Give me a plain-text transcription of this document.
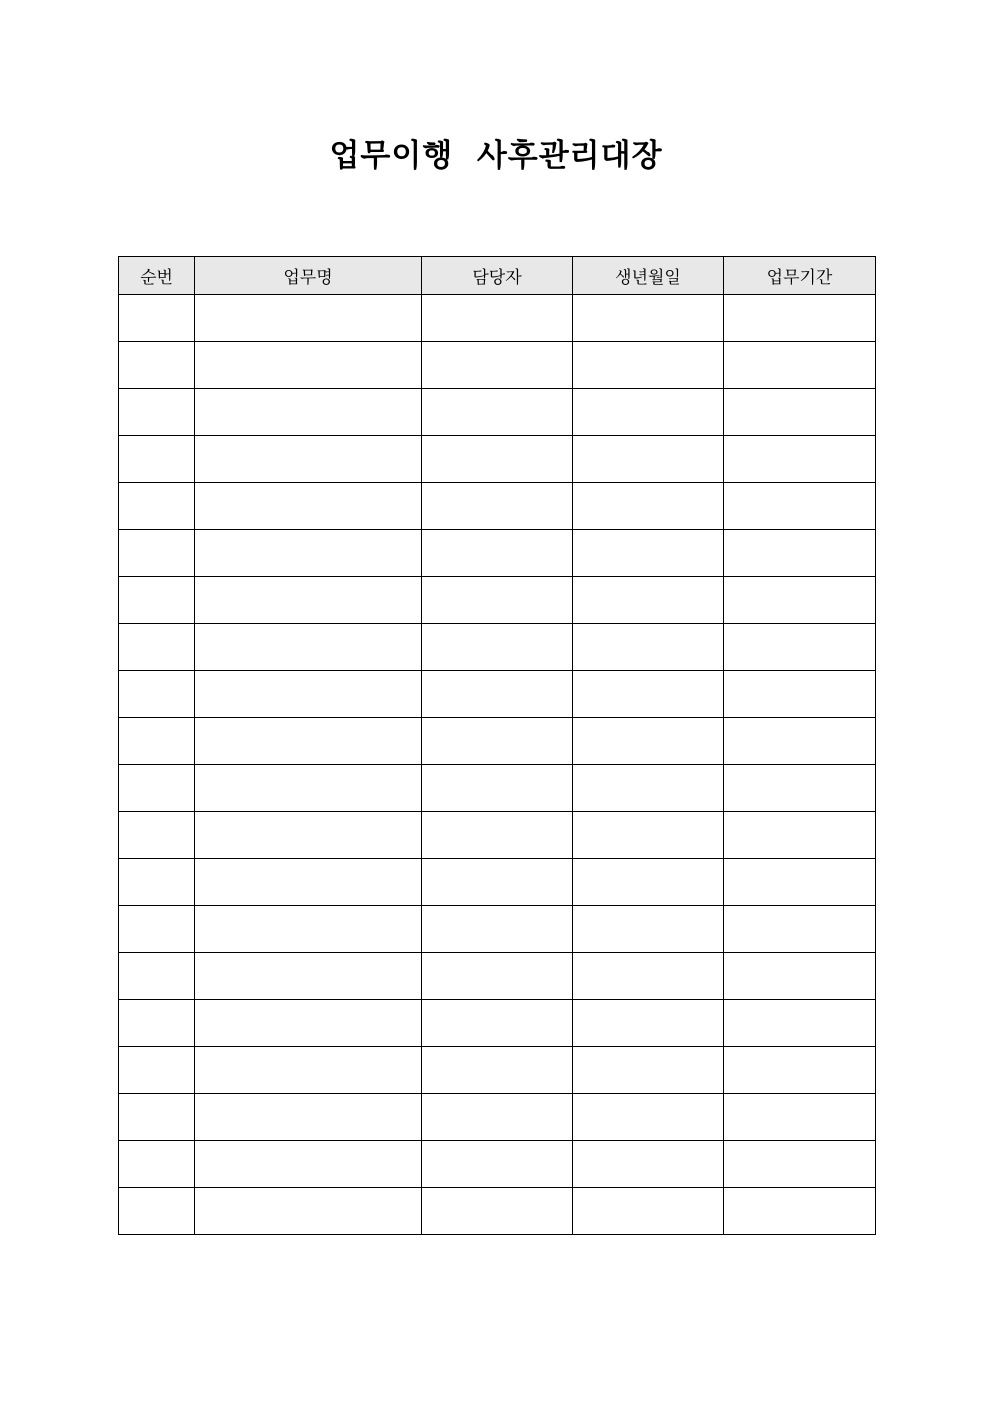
업무이행  사후관리대장
순번	업무명	담당자	생년월일	업무기간
